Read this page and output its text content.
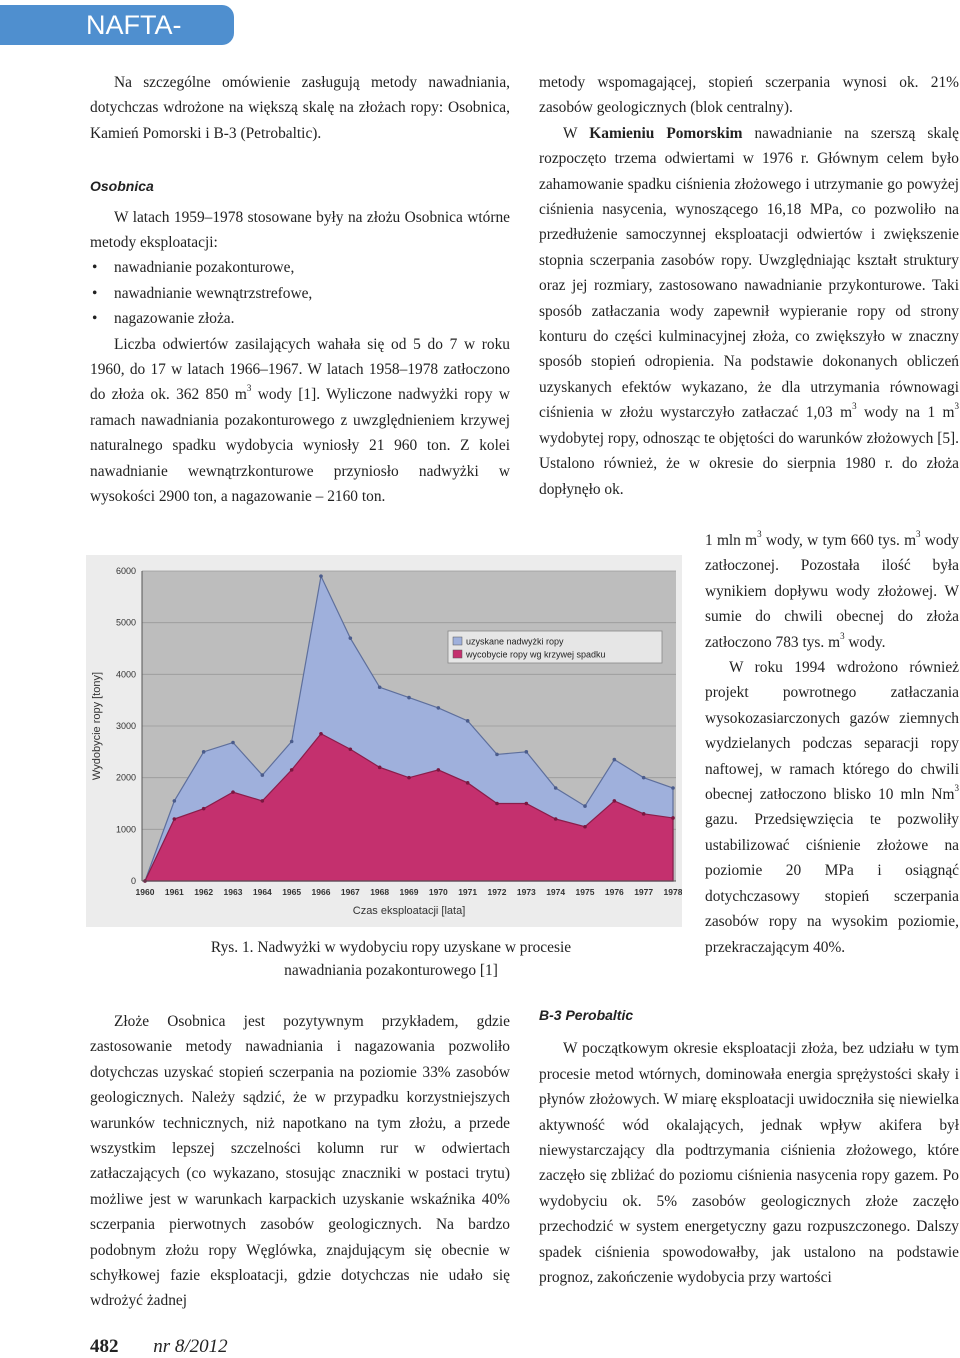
NAFTA-GAZ

Na szczególne omówienie zasługują metody nawadniania, dotychczas wdrożone na większą skalę na złożach ropy: Osobnica, Kamień Pomorski i B-3 (Petrobaltic).

Osobnica

W latach 1959–1978 stosowane były na złożu Osobnica wtórne metody eksploatacji:

• nawadnianie pozakonturowe,
• nawadnianie wewnątrzstrefowe,
• nagazowanie złoża.

Liczba odwiertów zasilających wahała się od 5 do 7 w roku 1960, do 17 w latach 1966–1967. W latach 1958–1978 zatłoczono do złoża ok. 362 850 $m^3$ wody [1]. Wyliczone nadwyżki ropy w ramach nawadniania pozakonturowego z uwzględnieniem krzywej naturalnego spadku wydobycia wyniosły 21 960 ton. Z kolei nawadnianie wewnątrzkonturowe przyniosło nadwyżki w wysokości 2900 ton, a nagazowanie – 2160 ton.

metody wspomagającej, stopień sczerpania wynosi ok. 21% zasobów geologicznych (blok centralny).

W Kamieniu Pomorskim nawadnianie na szerszą skalę rozpoczęto trzema odwiertami w 1976 r. Głównym celem było zahamowanie spadku ciśnienia złożowego i utrzymanie go powyżej ciśnienia nasycenia, wynoszącego 16,18 MPa, co pozwoliło na przedłużenie samoczynnej eksploatacji odwiertów i zwiększenie stopnia sczerpania zasobów ropy. Uwzględniając kształt struktury oraz jej rozmiary, zastosowano nawadnianie przykonturowe. Taki sposób zatłaczania wody zapewnił wypieranie ropy od strony konturu do części kulminacyjnej złoża, co zwiększyło w znaczny sposób stopień odropienia. Na podstawie dokonanych obliczeń uzyskanych efektów wykazano, że dla utrzymania równowagi ciśnienia w złożu wystarczyło zatłaczać 1,03 $m^3$ wody na 1 $m^3$ wydobytej ropy, odnosząc te objętości do warunków złożowych [5]. Ustalono również, że w okresie do sierpnia 1980 r. do złoża dopłynęło ok.

1 mln $m^3$ wody, w tym 660 tys. $m^3$ wody zatłoczonej. Pozostała ilość była wynikiem dopływu wody złożowej. W sumie do chwili obecnej do złoża zatłoczono 783 tys. $m^3$ wody.

W roku 1994 wdrożono również projekt powrotnego zatłaczania wysokozasiarczonych gazów ziemnych wydzielanych podczas separacji ropy naftowej, w ramach którego do chwili obecnej zatłoczono blisko 10 mln Nm$^3$ gazu. Przedsięwzięcia te pozwoliły ustabilizować ciśnienie złożowe na poziomie 20 MPa i osiągnąć dotychczasowy stopień sczerpania zasobów ropy na wysokim poziomie, przekraczającym 40%.

0
1000
2000
3000
4000
5000
6000
1960 1961 1962 1963 1964 1965 1966 1967 1968 1969 1970 1971 1972 1973 1974 1975 1976 1977 1978
Czas eksploatacji [lata]
Wydobycie ropy [tony]
uzyskane nadwyżki ropy
wycobycie ropy wg krzywej spadku
Rys. 1. Nadwyżki w wydobyciu ropy uzyskane w procesie
nawadniania pozakonturowego [1]

Złoże Osobnica jest pozytywnym przykładem, gdzie zastosowanie metody nawadniania i nagazowania pozwoliło dotychczas uzyskać stopień sczerpania na poziomie 33% zasobów geologicznych. Należy sądzić, że w przypadku korzystniejszych warunków technicznych, niż napotkano na tym złożu, a przede wszystkim lepszej szczelności kolumn rur w odwiertach zatłaczających (co wykazano, stosując znaczniki w postaci trytu) możliwe jest w warunkach karpackich uzyskanie wskaźnika 40% sczerpania pierwotnych zasobów geologicznych. Na bardzo podobnym złożu ropy Węglówka, znajdującym się obecnie w schyłkowej fazie eksploatacji, gdzie dotychczas nie udało się wdrożyć żadnej

B-3 Perobaltic

W początkowym okresie eksploatacji złoża, bez udziału w tym procesie metod wtórnych, dominowała energia sprężystości skały i płynów złożowych. W miarę eksploatacji uwidoczniła się niewielka aktywność wód okalających, jednak wpływ akifera był niewystarczający dla podtrzymania ciśnienia złożowego, które zaczęło się zbliżać do poziomu ciśnienia nasycenia ropy gazem. Po wydobyciu ok. 5% zasobów geologicznych złoże zaczęło przechodzić w system energetyczny gazu rozpuszczonego. Dalszy spadek ciśnienia spowodowałby, jak ustalono na podstawie prognoz, zakończenie wydobycia przy wartości

482 nr 8/2012
